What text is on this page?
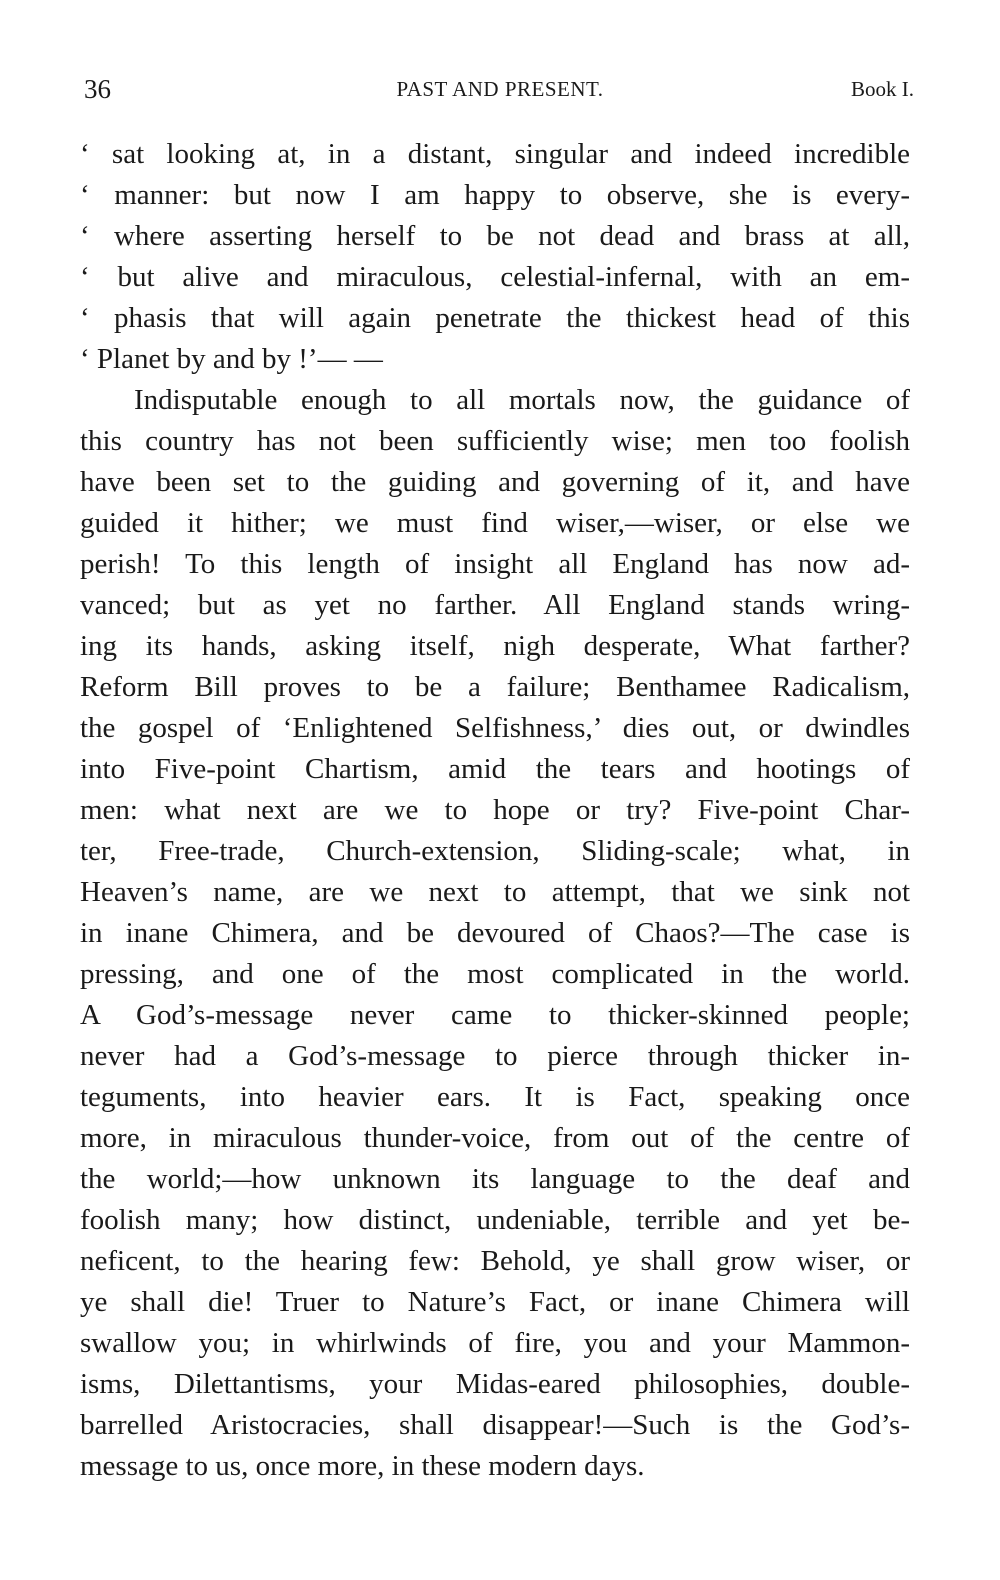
36	PAST AND PRESENT.	Book I.
‘ sat looking at, in a distant, singular and indeed incredible
‘ manner: but now I am happy to observe, she is every-
‘ where asserting herself to be not dead and brass at all,
‘ but alive and miraculous, celestial-infernal, with an em-
‘ phasis that will again penetrate the thickest head of this
‘ Planet by and by !’— —
Indisputable enough to all mortals now, the guidance of
this country has not been sufficiently wise; men too foolish
have been set to the guiding and governing of it, and have
guided it hither; we must find wiser,—wiser, or else we
perish! To this length of insight all England has now ad-
vanced; but as yet no farther. All England stands wring-
ing its hands, asking itself, nigh desperate, What farther?
Reform Bill proves to be a failure; Benthamee Radicalism,
the gospel of ‘Enlightened Selfishness,’ dies out, or dwindles
into Five-point Chartism, amid the tears and hootings of
men: what next are we to hope or try? Five-point Char-
ter, Free-trade, Church-extension, Sliding-scale; what, in
Heaven’s name, are we next to attempt, that we sink not
in inane Chimera, and be devoured of Chaos?—The case is
pressing, and one of the most complicated in the world.
A God’s-message never came to thicker-skinned people;
never had a God’s-message to pierce through thicker in-
teguments, into heavier ears. It is Fact, speaking once
more, in miraculous thunder-voice, from out of the centre of
the world;—how unknown its language to the deaf and
foolish many; how distinct, undeniable, terrible and yet be-
neficent, to the hearing few: Behold, ye shall grow wiser, or
ye shall die! Truer to Nature’s Fact, or inane Chimera will
swallow you; in whirlwinds of fire, you and your Mammon-
isms, Dilettantisms, your Midas-eared philosophies, double-
barrelled Aristocracies, shall disappear!—Such is the God’s-
message to us, once more, in these modern days.
